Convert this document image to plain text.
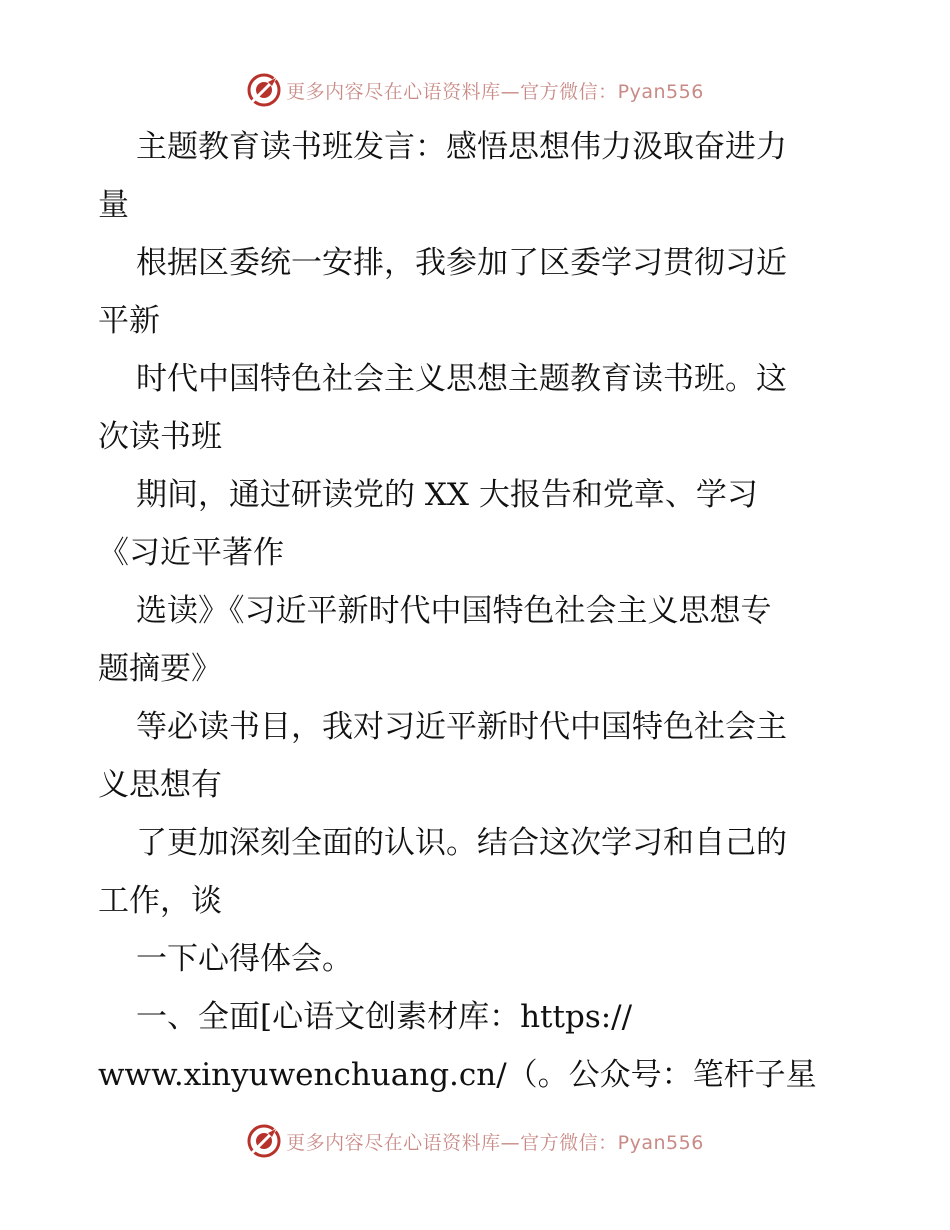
更多内容尽在心语资料库—官方微信：Pyan556
主题教育读书班发言：感悟思想伟力汲取奋进力
量
根据区委统一安排，我参加了区委学习贯彻习近
平新
时代中国特色社会主义思想主题教育读书班。这
次读书班
期间，通过研读党的 XX 大报告和党章、学习
《习近平著作
选读》《习近平新时代中国特色社会主义思想专
题摘要》
等必读书目，我对习近平新时代中国特色社会主
义思想有
了更加深刻全面的认识。结合这次学习和自己的
工作，谈
一下心得体会。
一、全面[心语文创素材库：https://
www.xinyuwenchuang.cn/（。公众号：笔杆子星
更多内容尽在心语资料库—官方微信：Pyan556
